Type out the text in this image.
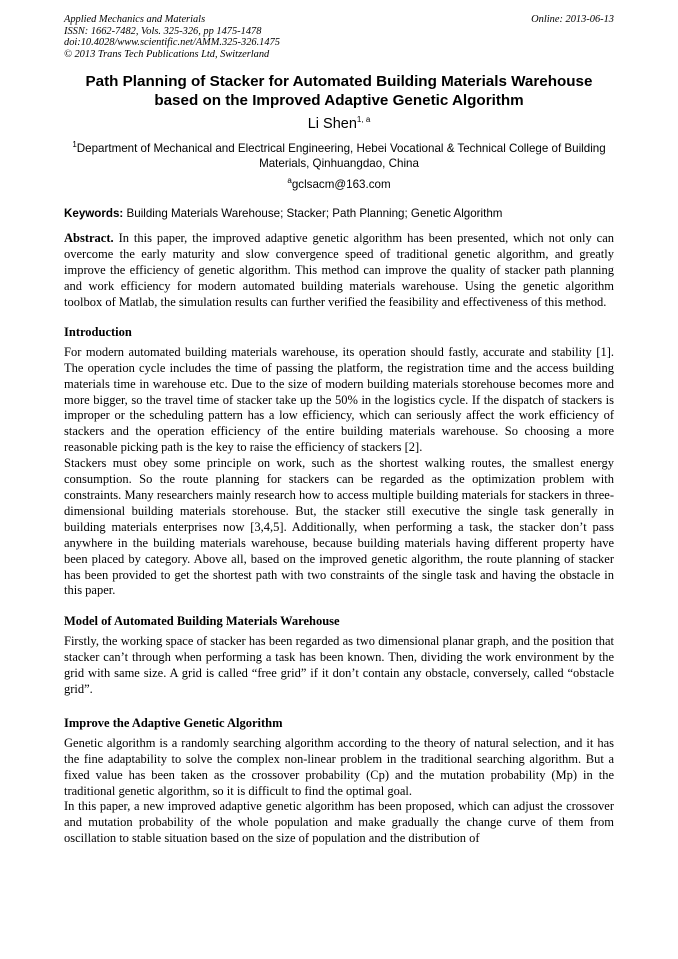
Applied Mechanics and Materials	Online: 2013-06-13
ISSN: 1662-7482, Vols. 325-326, pp 1475-1478
doi:10.4028/www.scientific.net/AMM.325-326.1475
© 2013 Trans Tech Publications Ltd, Switzerland
Path Planning of Stacker for Automated Building Materials Warehouse
based on the Improved Adaptive Genetic Algorithm
Li Shen$^{1, a}$
$^1$Department of Mechanical and Electrical Engineering, Hebei Vocational & Technical College of Building Materials, Qinhuangdao, China
$^a$gclsacm@163.com
Keywords: Building Materials Warehouse; Stacker; Path Planning; Genetic Algorithm

Abstract. In this paper, the improved adaptive genetic algorithm has been presented, which not only can overcome the early maturity and slow convergence speed of traditional genetic algorithm, and greatly improve the efficiency of genetic algorithm. This method can improve the quality of stacker path planning and work efficiency for modern automated building materials warehouse. Using the genetic algorithm toolbox of Matlab, the simulation results can further verified the feasibility and effectiveness of this method.

Introduction

For modern automated building materials warehouse, its operation should fastly, accurate and stability [1]. The operation cycle includes the time of passing the platform, the registration time and the access building materials time in warehouse etc. Due to the size of modern building materials storehouse becomes more and more bigger, so the travel time of stacker take up the 50% in the logistics cycle. If the dispatch of stackers is improper or the scheduling pattern has a low efficiency, which can seriously affect the work efficiency of stackers and the operation efficiency of the entire building materials warehouse. So choosing a more reasonable picking path is the key to raise the efficiency of stackers [2].

Stackers must obey some principle on work, such as the shortest walking routes, the smallest energy consumption. So the route planning for stackers can be regarded as the optimization problem with constraints. Many researchers mainly research how to access multiple building materials for stackers in three-dimensional building materials storehouse. But, the stacker still executive the single task generally in building materials enterprises now [3,4,5]. Additionally, when performing a task, the stacker don’t pass anywhere in the building materials warehouse, because building materials having different property have been placed by category. Above all, based on the improved genetic algorithm, the route planning of stacker has been provided to get the shortest path with two constraints of the single task and having the obstacle in this paper.

Model of Automated Building Materials Warehouse

Firstly, the working space of stacker has been regarded as two dimensional planar graph, and the position that stacker can’t through when performing a task has been known. Then, dividing the work environment by the grid with same size. A grid is called “free grid” if it don’t contain any obstacle, conversely, called “obstacle grid”.

Improve the Adaptive Genetic Algorithm

Genetic algorithm is a randomly searching algorithm according to the theory of natural selection, and it has the fine adaptability to solve the complex non-linear problem in the traditional searching algorithm. But a fixed value has been taken as the crossover probability (Cp) and the mutation probability (Mp) in the traditional genetic algorithm, so it is difficult to find the optimal goal.

In this paper, a new improved adaptive genetic algorithm has been proposed, which can adjust the crossover and mutation probability of the whole population and make gradually the change curve of them from oscillation to stable situation based on the size of population and the distribution of
